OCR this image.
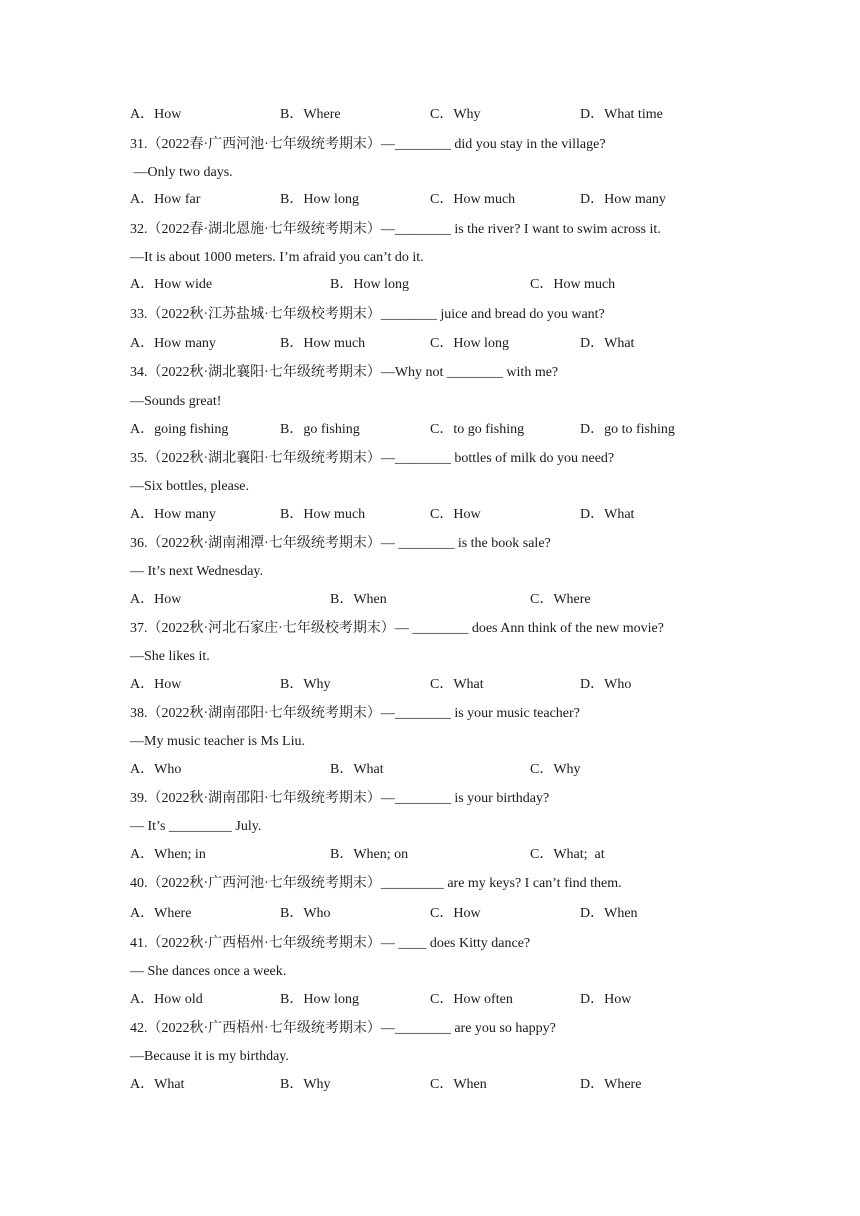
A．How	B．Where	C．Why	D．What time
31.（2022春·广西河池·七年级统考期末）—________ did you stay in the village?
—Only two days.
A．How far	B．How long	C．How much	D．How many
32.（2022春·湖北恩施·七年级统考期末）—________ is the river? I want to swim across it.
—It is about 1000 meters. I’m afraid you can’t do it.
A．How wide	B．How long	C．How much
33.（2022秋·江苏盐城·七年级校考期末）________ juice and bread do you want?
A．How many	B．How much	C．How long	D．What
34.（2022秋·湖北襄阳·七年级统考期末）—Why not ________ with me?
—Sounds great!
A．going fishing	B．go fishing	C．to go fishing	D．go to fishing
35.（2022秋·湖北襄阳·七年级统考期末）—________ bottles of milk do you need?
—Six bottles, please.
A．How many	B．How much	C．How	D．What
36.（2022秋·湖南湘潭·七年级统考期末）— ________ is the book sale?
— It’s next Wednesday.
A．How	B．When	C．Where
37.（2022秋·河北石家庄·七年级校考期末）— ________ does Ann think of the new movie?
—She likes it.
A．How	B．Why	C．What	D．Who
38.（2022秋·湖南邵阳·七年级统考期末）—________ is your music teacher?
—My music teacher is Ms Liu.
A．Who	B．What	C．Why
39.（2022秋·湖南邵阳·七年级统考期末）—________ is your birthday?
— It’s _________ July.
A．When; in	B．When; on	C．What;  at
40.（2022秋·广西河池·七年级统考期末）_________ are my keys? I can’t find them.
A．Where	B．Who	C．How	D．When
41.（2022秋·广西梧州·七年级统考期末）— ____ does Kitty dance?
— She dances once a week.
A．How old	B．How long	C．How often	D．How
42.（2022秋·广西梧州·七年级统考期末）—________ are you so happy?
—Because it is my birthday.
A．What	B．Why	C．When	D．Where
